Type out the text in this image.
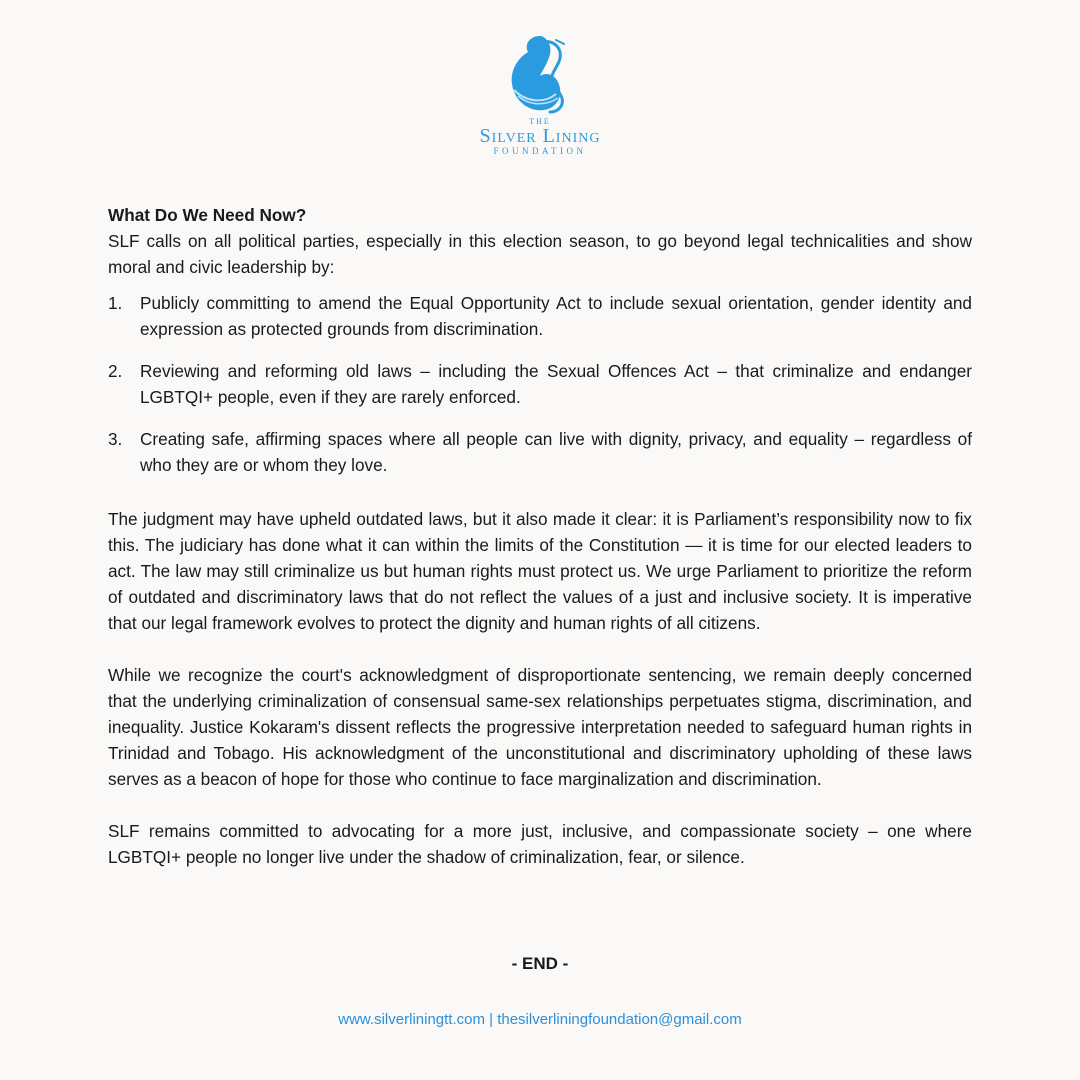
THE
Silver Lining
FOUNDATION

What Do We Need Now?

SLF calls on all political parties, especially in this election season, to go beyond legal technicalities and show moral and civic leadership by:

1. Publicly committing to amend the Equal Opportunity Act to include sexual orientation, gender identity and expression as protected grounds from discrimination.
2. Reviewing and reforming old laws – including the Sexual Offences Act – that criminalize and endanger LGBTQI+ people, even if they are rarely enforced.
3. Creating safe, affirming spaces where all people can live with dignity, privacy, and equality – regardless of who they are or whom they love.

The judgment may have upheld outdated laws, but it also made it clear: it is Parliament’s responsibility now to fix this. The judiciary has done what it can within the limits of the Constitution — it is time for our elected leaders to act. The law may still criminalize us but human rights must protect us. We urge Parliament to prioritize the reform of outdated and discriminatory laws that do not reflect the values of a just and inclusive society. It is imperative that our legal framework evolves to protect the dignity and human rights of all citizens.

While we recognize the court's acknowledgment of disproportionate sentencing, we remain deeply concerned that the underlying criminalization of consensual same-sex relationships perpetuates stigma, discrimination, and inequality. Justice Kokaram's dissent reflects the progressive interpretation needed to safeguard human rights in Trinidad and Tobago. His acknowledgment of the unconstitutional and discriminatory upholding of these laws serves as a beacon of hope for those who continue to face marginalization and discrimination.

SLF remains committed to advocating for a more just, inclusive, and compassionate society – one where LGBTQI+ people no longer live under the shadow of criminalization, fear, or silence.

- END -
www.silverliningtt.com | thesilverliningfoundation@gmail.com
